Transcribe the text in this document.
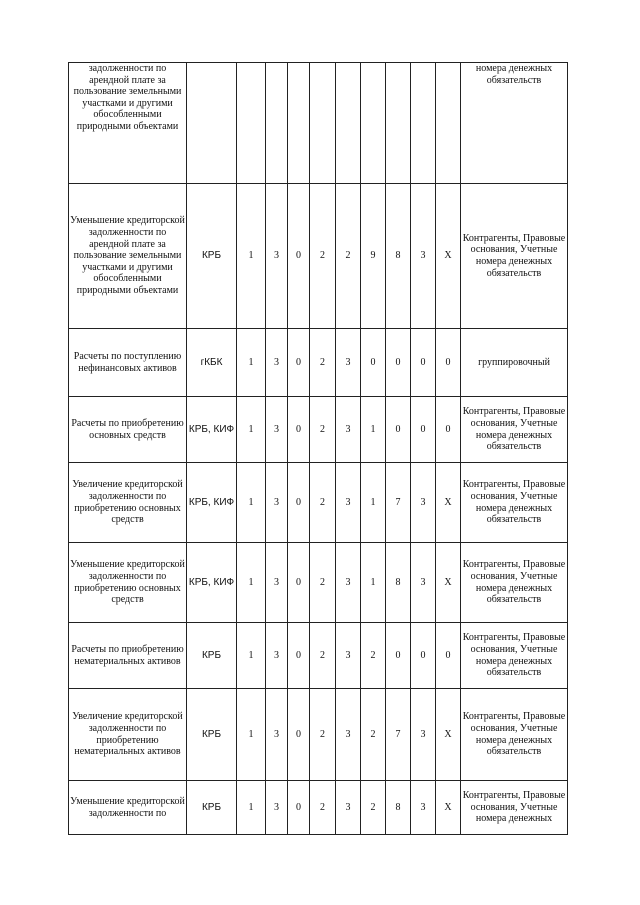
задолженности по арендной плате за пользование земельными участками и другими обособленными природными объектами											номера денежных обязательств
Уменьшение кредиторской задолженности по арендной плате за пользование земельными участками и другими обособленными природными объектами	КРБ	1	3	0	2	2	9	8	3	X	Контрагенты, Правовые основания, Учетные номера денежных обязательств
Расчеты по поступлению нефинансовых активов	гКБК	1	3	0	2	3	0	0	0	0	группировочный
Расчеты по приобретению основных средств	КРБ, КИФ	1	3	0	2	3	1	0	0	0	Контрагенты, Правовые основания, Учетные номера денежных обязательств
Увеличение кредиторской задолженности по приобретению основных средств	КРБ, КИФ	1	3	0	2	3	1	7	3	X	Контрагенты, Правовые основания, Учетные номера денежных обязательств
Уменьшение кредиторской задолженности по приобретению основных средств	КРБ, КИФ	1	3	0	2	3	1	8	3	X	Контрагенты, Правовые основания, Учетные номера денежных обязательств
Расчеты по приобретению нематериальных активов	КРБ	1	3	0	2	3	2	0	0	0	Контрагенты, Правовые основания, Учетные номера денежных обязательств
Увеличение кредиторской задолженности по приобретению нематериальных активов	КРБ	1	3	0	2	3	2	7	3	X	Контрагенты, Правовые основания, Учетные номера денежных обязательств
Уменьшение кредиторской задолженности по	КРБ	1	3	0	2	3	2	8	3	X	Контрагенты, Правовые основания, Учетные номера денежных
